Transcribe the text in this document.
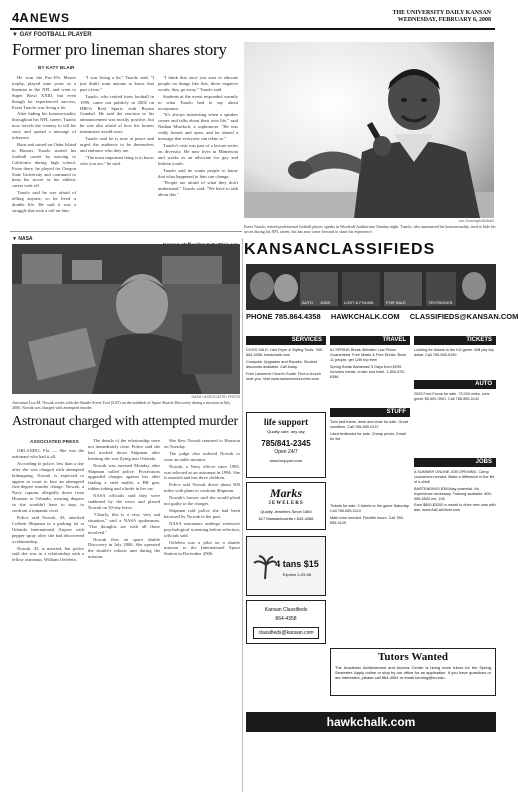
4A NEWS	THE UNIVERSITY DAILY KANSAN
WEDNESDAY, FEBRUARY 6, 2008
▼ GAY FOOTBALL PLAYER
Former pro lineman shares story
BY KATY BLAIR

He won the Pac-10's Morris trophy, played nine years as a lineman in the NFL and went to Super Bowl XXIII, but even though he experienced success, Esera Tuaolo was living a lie.

After hiding his homosexuality throughout his NFL career, Tuaolo now travels the country to tell his story and spread a message of tolerance.

Born and raised on Oahu Island in Hawaii, Tuaolo started his football career by moving to California during high school. From there, he played for Oregon State University and continued to keep his secret as his athletic career took off.

Tuaolo said he was afraid of telling anyone, so he lived a double life. He said it was a struggle that took a toll on him.

"I was living a lie," Tuaolo said. "I just didn't want anyone to know that part of me."

Tuaolo, who retired from football in 1999, came out publicly in 2002 on HBO's Real Sports with Bryant Gumbel. He said the reaction to his announcement was mostly positive, but he was also afraid of how his former teammates would react.

Tuaolo said he is now at peace and urged the audience to be themselves and embrace who they are.

"The most important thing is to know who you are," he said.

"I think that once you start to educate people on things like this, those negative words, they go away," Tuaolo said.

Students at the event responded warmly to what Tuaolo had to say about acceptance.

"It's always interesting when a speaker comes and talks about their own life," said Nathan Murdock, a sophomore. "He was really honest and open, and he shared a message that everyone can relate to."

Tuaolo's visit was part of a lecture series on diversity. He now lives in Minnesota and works as an advocate for gay and lesbian youth.

Tuaolo said he wants people to know that what happened to him can change.

"People are afraid of what they don't understand," Tuaolo said. "We have to talk about this."

Jon Goering/KANSAN
Esera Tuaolo, retired professional football player, speaks in Woodruff Auditorium Tuesday night. Tuaolo, who announced his homosexuality, tried to hide his secret during his NFL career, but has now come forward to share his experience.
KANSANCLASSIFIEDS
AUTO JOBS	LOST & FOUND	FOR SALE	TEXTBOOKS
PHONE 785.864.4358 HAWKCHALK.COM CLASSIFIEDS@KANSAN.COM
SERVICES	TRAVEL	TICKETS

DOGS SALE: Hair Dryer & Styling Tools. 785-864-4358. hawkchalk.com

Computer Upgrades and Repairs. Student discounts available. Call today.

Free Lawrence Church Guide. Find a church near you. Visit www.lawrencechurches.com

#1 SPRING Break Website! Low Prices Guaranteed. Free Meals & Free Drinks. Book 11 people, get 12th trip free!

Spring Break Bahamas! 5 Days from $299. Includes meals, cruise and hotel. 1-800-678-6386

Looking for tickets to the KU game. Will pay top dollar. Call 785-555-0199

AUTO

2003 Ford Focus for sale. 73,000 miles, runs great. $5,500 OBO. Call 785-555-0142

STUFF

Twin bed frame, desk and chair for sale. Great condition. Call 785-555-0137

Used textbooks for sale. Cheap prices. Email for list.

JOBS

A SUMMER ONLINE JOB OPENING. Camp counselors needed. Make a difference in the life of a child!

BARTENDING! $300/day potential. No experience necessary. Training available. 800-965-6520 ext. 108

Earn $800-$3200 a month to drive new cars with ads. www.AdCarDriver.com

Tickets for sale: 2 tickets to the game Saturday. Call 785-555-0110

Math tutor needed. Flexible hours. Call 785-555-0125

life support
Quality care, any day
785/841-2345
Open 24/7
www.lsupport.com
Marks
JEWELERS
Quality Jewellers Since 1880
817 Massachusetts • 843-4266
4 tans $15
Expires 2-29-08
Kansan Classifieds
864-4358
classifieds@kansan.com
Tutors Wanted
The Academic Achievement and Access Center is hiring more tutors for the Spring Semester. Apply online or stop by our office for an application. If you have questions or are interested, please call 864-4064 or email tutoring@ku.edu.
hawkchalk.com
▼ NASA
NASA / ASSOCIATED PRESS
Astronaut Lisa M. Nowak works with the Shuttle Arrest Tool (SAT) on the middeck of Space Shuttle Discovery during a mission in July 2006. Nowak was charged with attempted murder.
Astronaut charged with attempted murder
ASSOCIATED PRESS

ORLANDO, Fla. — She was the astronaut who had it all.

According to police, less than a day after she was charged with attempted kidnapping, Nowak is expected to appear in court to face an attempted first-degree murder charge. Nowak, a Navy captain, allegedly drove from Houston to Orlando, wearing diapers so she wouldn't have to stop, to confront a romantic rival.

Police said Nowak, 43, attacked Colleen Shipman in a parking lot at Orlando International Airport with pepper spray after she had discovered a relationship.

Nowak, 43, is married, but police said she was in a relationship with a fellow astronaut, William Oefelein.

The details of the relationship were not immediately clear. Police said she had tracked down Shipman after learning she was flying into Orlando.

Nowak was arrested Monday after Shipman called police. Prosecutors upgraded charges against her after finding a steel mallet, a BB gun, rubber tubing and a knife in her car.

NASA officials said they were saddened by the news and placed Nowak on 30-day leave.

"Clearly, this is a very, very sad situation," said a NASA spokesman. "Our thoughts are with all those involved."

Nowak flew on space shuttle Discovery in July 2006. She operated the shuttle's robotic arm during the mission.

She flew Nowak returned to Houston on Tuesday.

The judge also ordered Nowak to wear an ankle monitor.

Nowak, a Navy officer since 1985, was selected as an astronaut in 1996. She is married and has three children.

Police said Nowak drove about 900 miles with plans to confront Shipman.

Nowak's lawyer said she would plead not guilty to the charges.

Shipman told police she had been harassed by Nowak in the past.

NASA astronauts undergo extensive psychological screening before selection, officials said.

Oefelein was a pilot on a shuttle mission to the International Space Station in December 2006.
